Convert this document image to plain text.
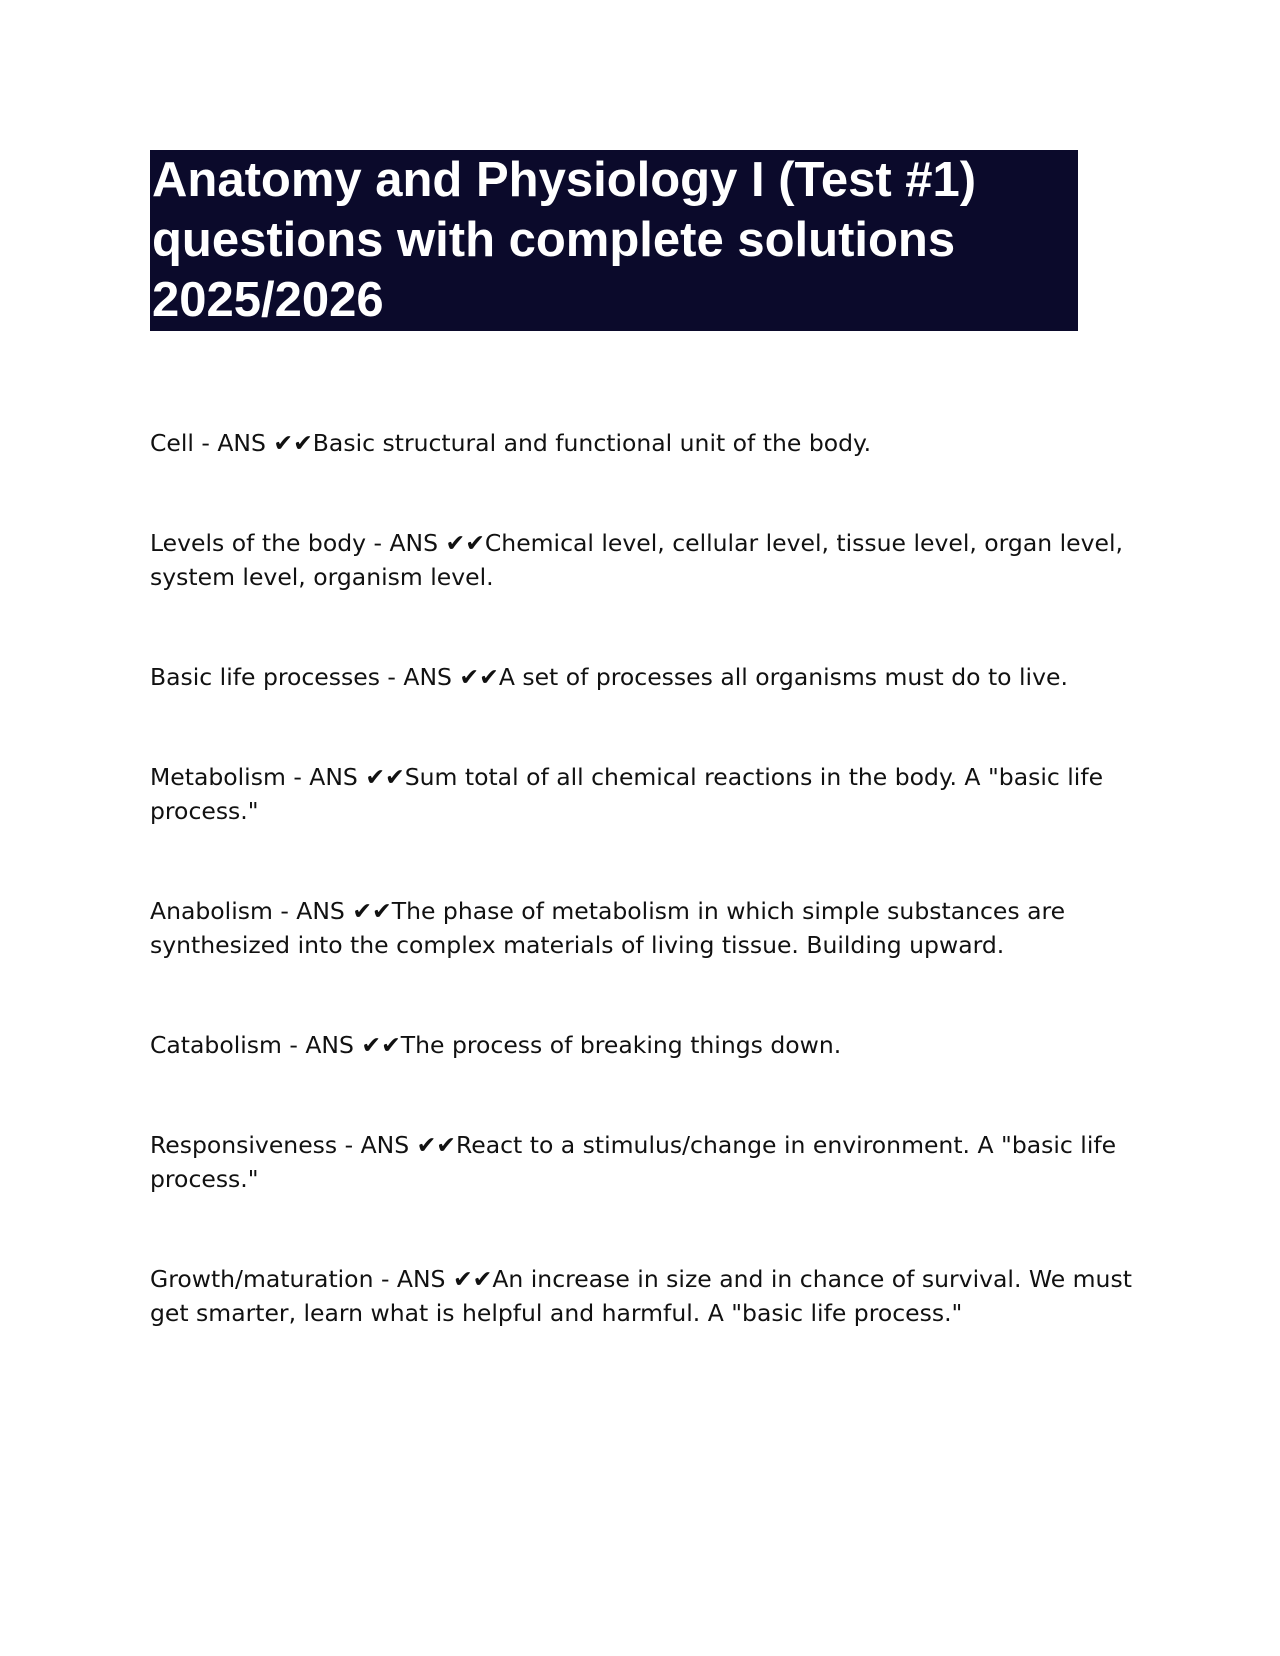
Anatomy and Physiology I (Test #1) questions with complete solutions 2025/2026
Cell - ANS ✔✔Basic structural and functional unit of the body.
Levels of the body - ANS ✔✔Chemical level, cellular level, tissue level, organ level, system level, organism level.
Basic life processes - ANS ✔✔A set of processes all organisms must do to live.
Metabolism - ANS ✔✔Sum total of all chemical reactions in the body. A "basic life process."
Anabolism - ANS ✔✔The phase of metabolism in which simple substances are synthesized into the complex materials of living tissue. Building upward.
Catabolism - ANS ✔✔The process of breaking things down.
Responsiveness - ANS ✔✔React to a stimulus/change in environment. A "basic life process."
Growth/maturation - ANS ✔✔An increase in size and in chance of survival. We must get smarter, learn what is helpful and harmful. A "basic life process."
